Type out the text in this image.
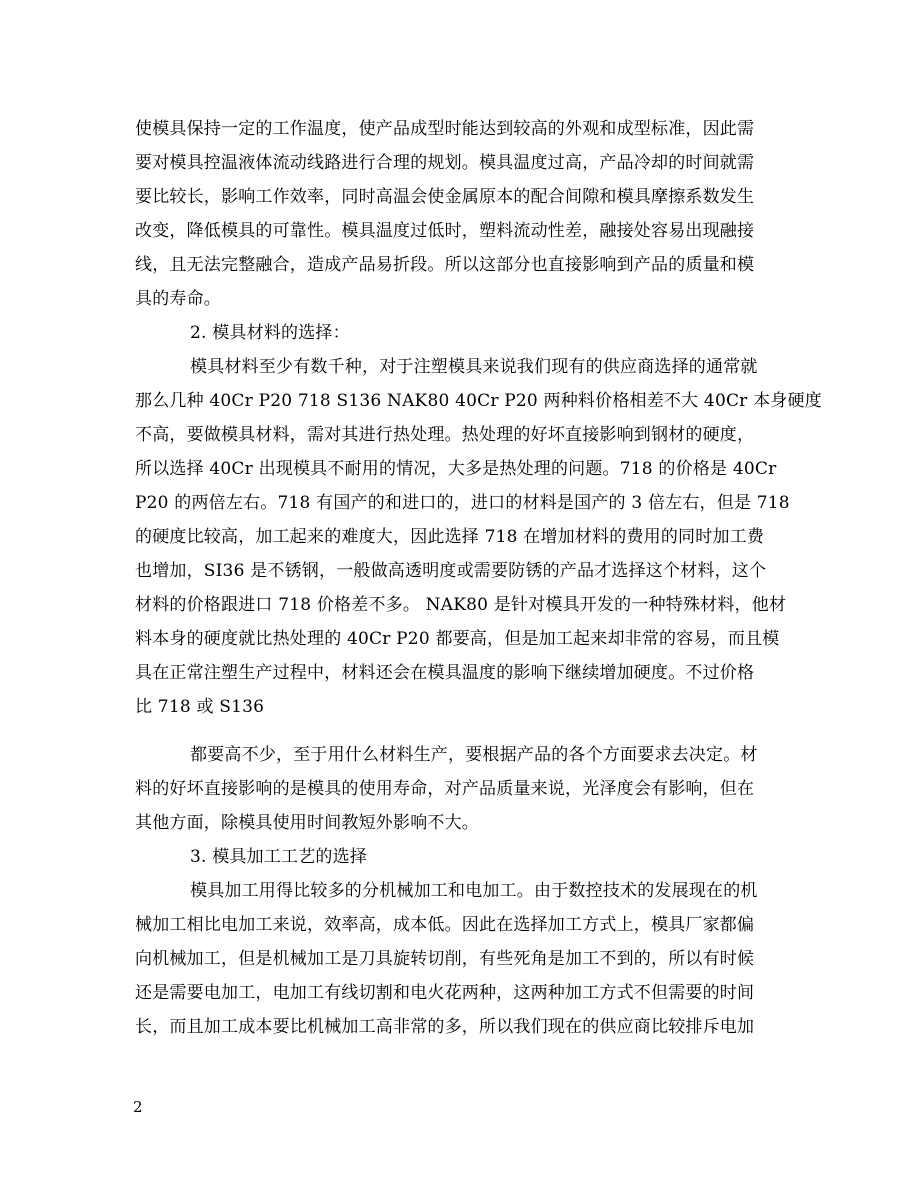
使模具保持一定的工作温度，使产品成型时能达到较高的外观和成型标准，因此需
要对模具控温液体流动线路进行合理的规划。模具温度过高，产品冷却的时间就需
要比较长，影响工作效率，同时高温会使金属原本的配合间隙和模具摩擦系数发生
改变，降低模具的可靠性。模具温度过低时，塑料流动性差，融接处容易出现融接
线，且无法完整融合，造成产品易折段。所以这部分也直接影响到产品的质量和模
具的寿命。
2. 模具材料的选择：
模具材料至少有数千种，对于注塑模具来说我们现有的供应商选择的通常就
那么几种 40Cr P20 718 S136 NAK80 40Cr P20 两种料价格相差不大 40Cr 本身硬度
不高，要做模具材料，需对其进行热处理。热处理的好坏直接影响到钢材的硬度，
所以选择 40Cr 出现模具不耐用的情况，大多是热处理的问题。718 的价格是 40Cr
P20 的两倍左右。718 有国产的和进口的，进口的材料是国产的 3 倍左右，但是 718
的硬度比较高，加工起来的难度大，因此选择 718 在增加材料的费用的同时加工费
也增加，SI36 是不锈钢，一般做高透明度或需要防锈的产品才选择这个材料，这个
材料的价格跟进口 718 价格差不多。 NAK80 是针对模具开发的一种特殊材料，他材
料本身的硬度就比热处理的 40Cr P20 都要高，但是加工起来却非常的容易，而且模
具在正常注塑生产过程中，材料还会在模具温度的影响下继续增加硬度。不过价格
比 718 或 S136
都要高不少，至于用什么材料生产，要根据产品的各个方面要求去决定。材
料的好坏直接影响的是模具的使用寿命，对产品质量来说，光泽度会有影响，但在
其他方面，除模具使用时间教短外影响不大。
3. 模具加工工艺的选择
模具加工用得比较多的分机械加工和电加工。由于数控技术的发展现在的机
械加工相比电加工来说，效率高，成本低。因此在选择加工方式上，模具厂家都偏
向机械加工，但是机械加工是刀具旋转切削，有些死角是加工不到的，所以有时候
还是需要电加工，电加工有线切割和电火花两种，这两种加工方式不但需要的时间
长，而且加工成本要比机械加工高非常的多，所以我们现在的供应商比较排斥电加
2
